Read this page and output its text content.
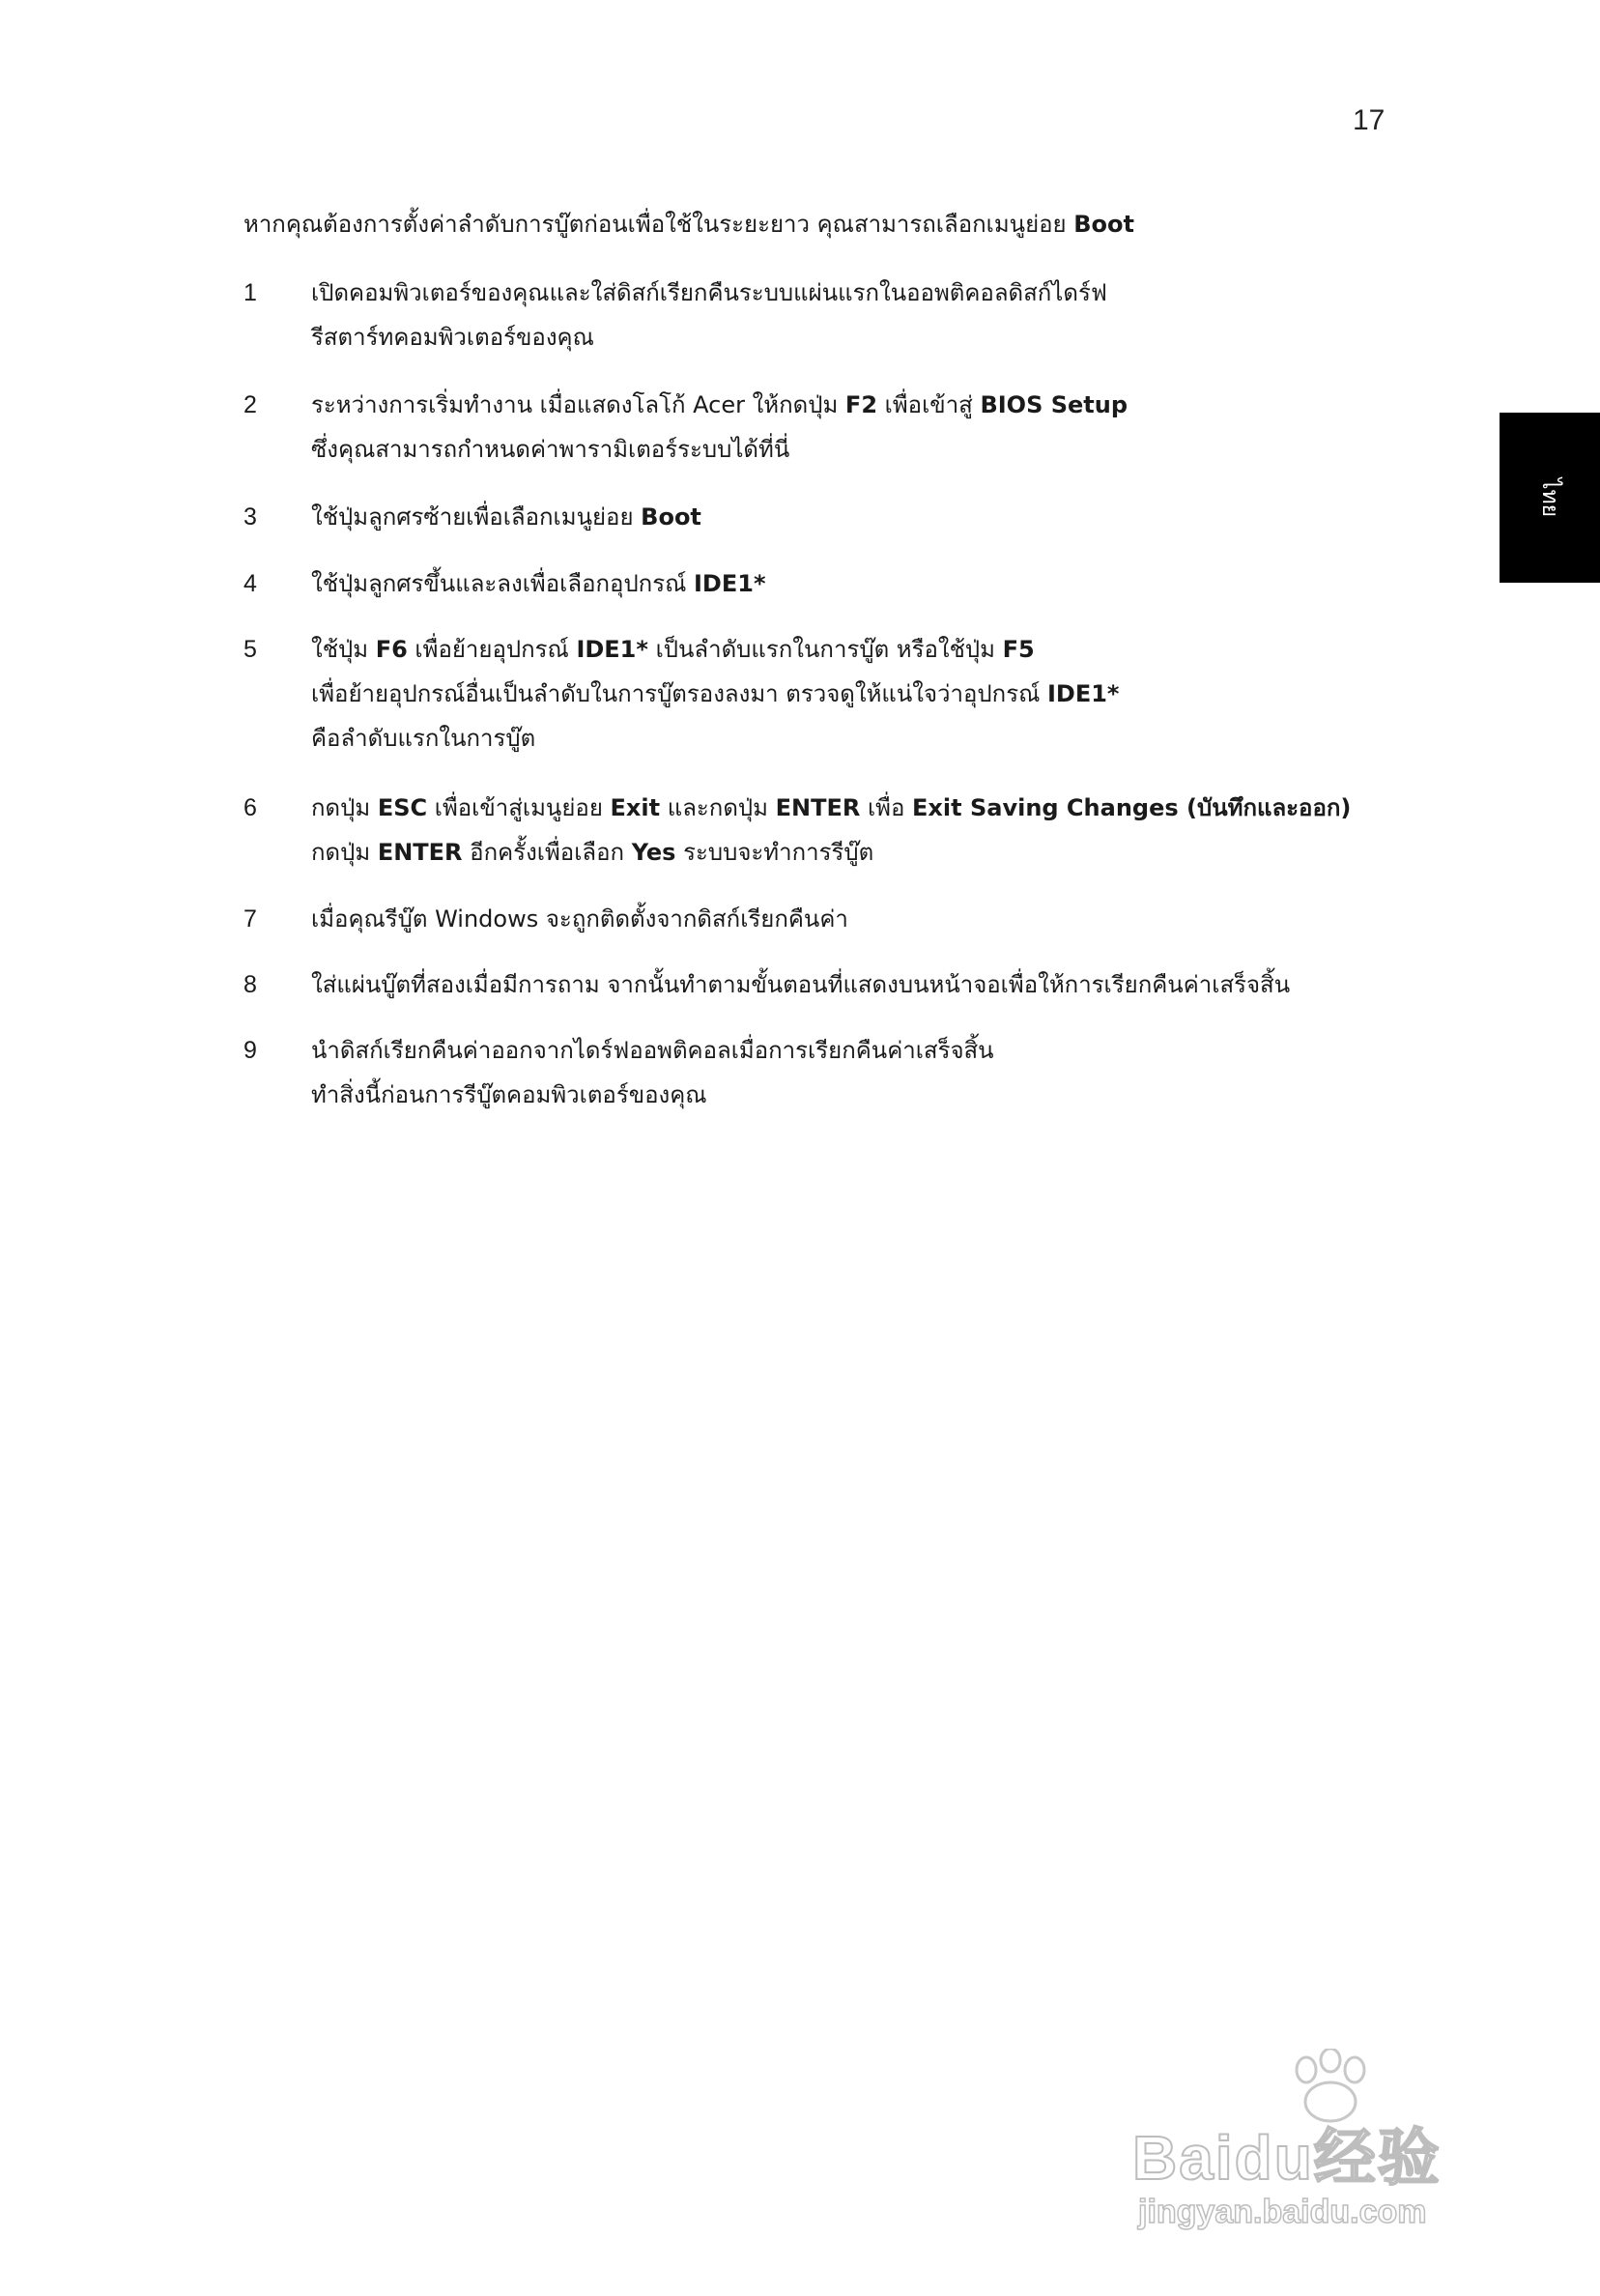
17
ไทย
หากคุณต้องการตั้งค่าลำดับการบู๊ตก่อนเพื่อใช้ในระยะยาว คุณสามารถเลือกเมนูย่อย Boot
1 เปิดคอมพิวเตอร์ของคุณและใส่ดิสก์เรียกคืนระบบแผ่นแรกในออพติคอลดิสก์ไดร์ฟ
รีสตาร์ทคอมพิวเตอร์ของคุณ
2 ระหว่างการเริ่มทำงาน เมื่อแสดงโลโก้ Acer ให้กดปุ่ม F2 เพื่อเข้าสู่ BIOS Setup
ซึ่งคุณสามารถกำหนดค่าพารามิเตอร์ระบบได้ที่นี่
3 ใช้ปุ่มลูกศรซ้ายเพื่อเลือกเมนูย่อย Boot
4 ใช้ปุ่มลูกศรขึ้นและลงเพื่อเลือกอุปกรณ์ IDE1*
5 ใช้ปุ่ม F6 เพื่อย้ายอุปกรณ์ IDE1* เป็นลำดับแรกในการบู๊ต หรือใช้ปุ่ม F5
เพื่อย้ายอุปกรณ์อื่นเป็นลำดับในการบู๊ตรองลงมา ตรวจดูให้แน่ใจว่าอุปกรณ์ IDE1*
คือลำดับแรกในการบู๊ต
6 กดปุ่ม ESC เพื่อเข้าสู่เมนูย่อย Exit และกดปุ่ม ENTER เพื่อ Exit Saving Changes (บันทึกและออก)
กดปุ่ม ENTER อีกครั้งเพื่อเลือก Yes ระบบจะทำการรีบู๊ต
7 เมื่อคุณรีบู๊ต Windows จะถูกติดตั้งจากดิสก์เรียกคืนค่า
8 ใส่แผ่นบู๊ตที่สองเมื่อมีการถาม จากนั้นทำตามขั้นตอนที่แสดงบนหน้าจอเพื่อให้การเรียกคืนค่าเสร็จสิ้น
9 นำดิสก์เรียกคืนค่าออกจากไดร์ฟออพติคอลเมื่อการเรียกคืนค่าเสร็จสิ้น
ทำสิ่งนี้ก่อนการรีบู๊ตคอมพิวเตอร์ของคุณ
Baidu经验
jingyan.baidu.com
